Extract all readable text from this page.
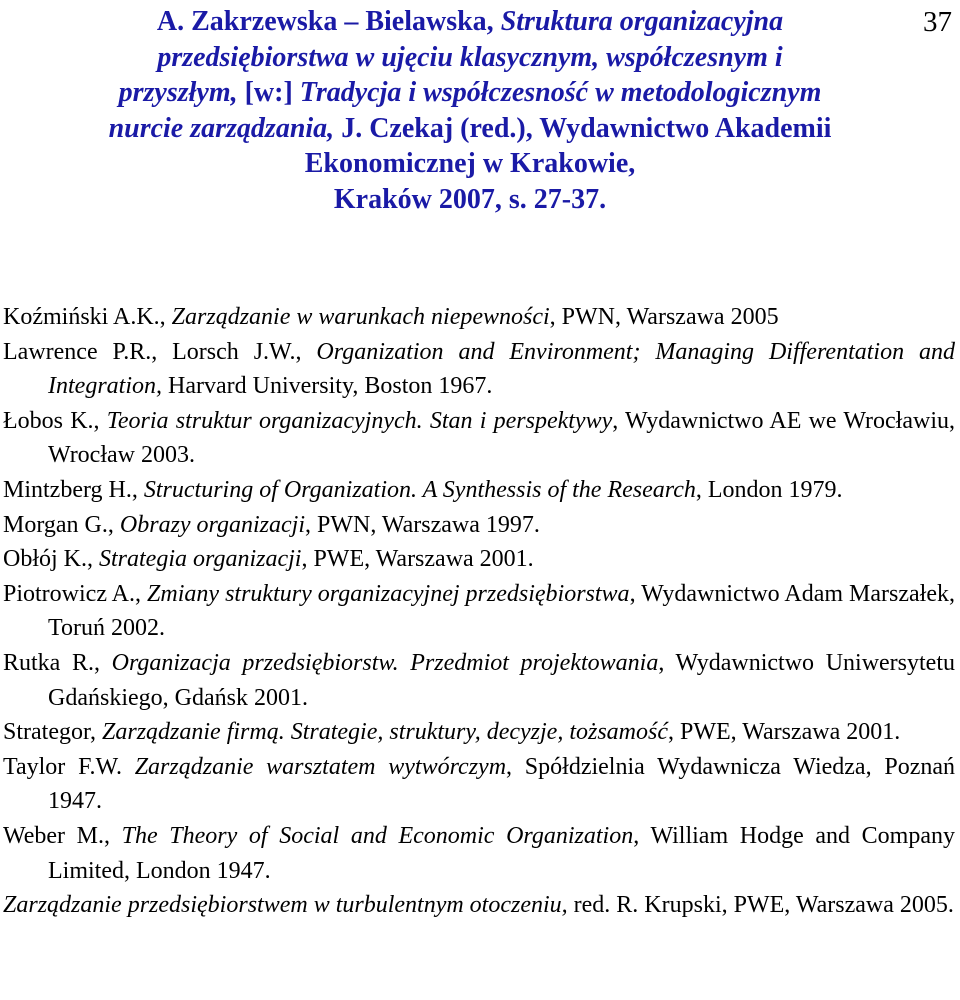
37
A. Zakrzewska – Bielawska, Struktura organizacyjna
przedsiębiorstwa w ujęciu klasycznym, współczesnym i
przyszłym, [w:] Tradycja i współczesność w metodologicznym
nurcie zarządzania, J. Czekaj (red.), Wydawnictwo Akademii
Ekonomicznej w Krakowie,
Kraków 2007, s. 27-37.

Koźmiński A.K., Zarządzanie w warunkach niepewności, PWN, Warszawa 2005

Lawrence P.R., Lorsch J.W., Organization and Environment; Managing Differentation and Integration, Harvard University, Boston 1967.

Łobos K., Teoria struktur organizacyjnych. Stan i perspektywy, Wydawnictwo AE we Wrocławiu, Wrocław 2003.

Mintzberg H., Structuring of Organization. A Synthessis of the Research, London 1979.

Morgan G., Obrazy organizacji, PWN, Warszawa 1997.

Obłój K., Strategia organizacji, PWE, Warszawa 2001.

Piotrowicz A., Zmiany struktury organizacyjnej przedsiębiorstwa, Wydawnictwo Adam Marszałek, Toruń 2002.

Rutka R., Organizacja przedsiębiorstw. Przedmiot projektowania, Wydawnictwo Uniwersytetu Gdańskiego, Gdańsk 2001.

Strategor, Zarządzanie firmą. Strategie, struktury, decyzje, tożsamość, PWE, Warszawa 2001.

Taylor F.W. Zarządzanie warsztatem wytwórczym, Spółdzielnia Wydawnicza Wiedza, Poznań 1947.

Weber M., The Theory of Social and Economic Organization, William Hodge and Company Limited, London 1947.

Zarządzanie przedsiębiorstwem w turbulentnym otoczeniu, red. R. Krupski, PWE, Warszawa 2005.
